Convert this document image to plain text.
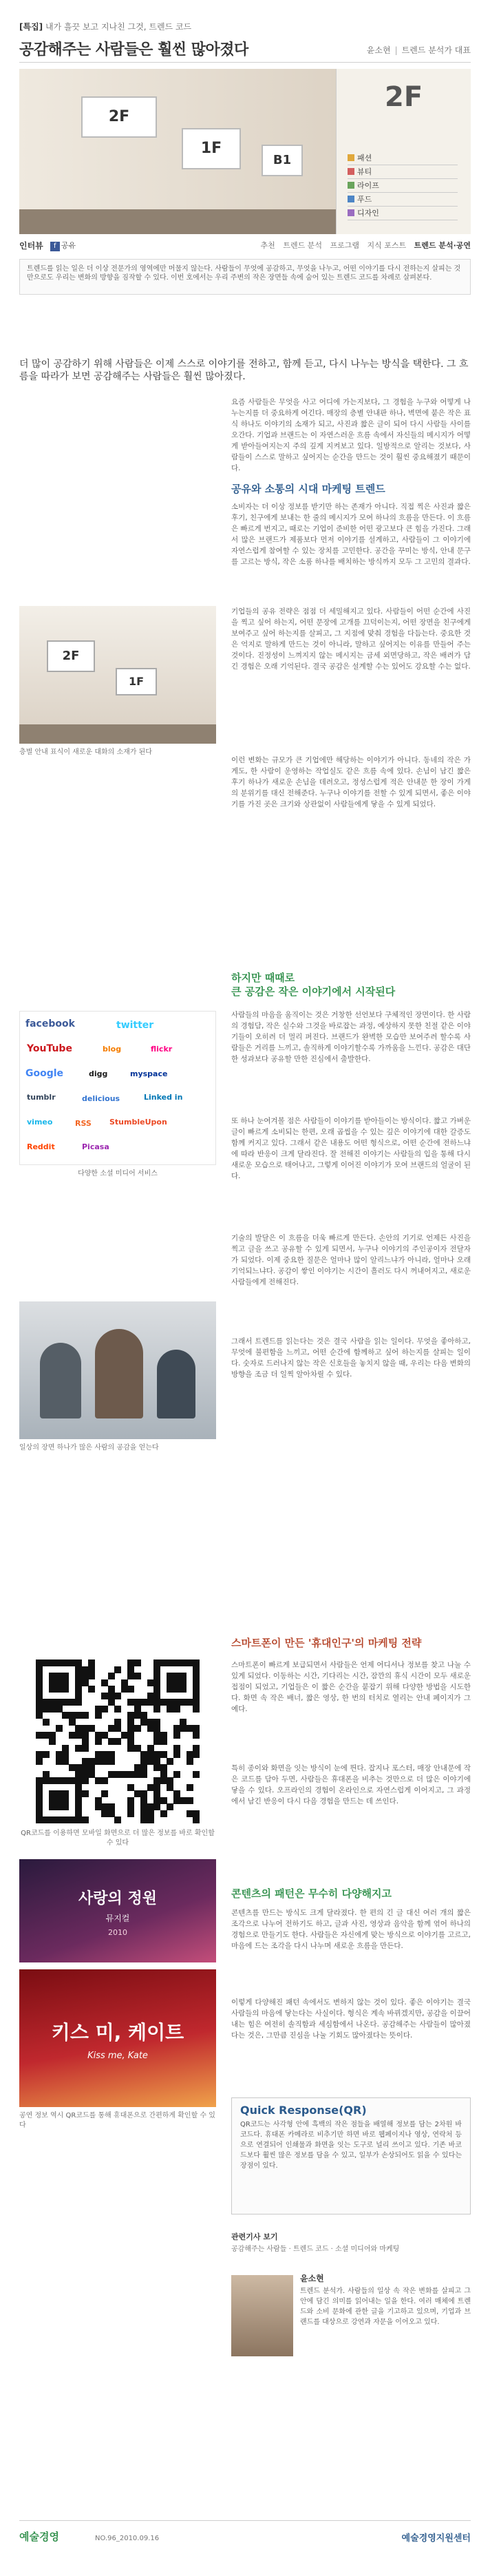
[특집] 내가 흘끗 보고 지나친 그것, 트렌드 코드
공감해주는 사람들은 훨씬 많아졌다	윤소현 | 트렌드 분석가 대표
2F
1F
B1
2F
패션
뷰티
라이프
푸드
디자인
인터뷰	f 공유	추천 트렌드 분석 프로그램 지식 포스트 트렌드 분석·공연
트렌드를 읽는 일은 더 이상 전문가의 영역에만 머물지 않는다. 사람들이 무엇에 공감하고, 무엇을 나누고, 어떤 이야기를 다시 전하는지 살피는 것만으로도 우리는 변화의 방향을 짐작할 수 있다. 이번 호에서는 우리 주변의 작은 장면들 속에 숨어 있는 트렌드 코드를 차례로 살펴본다.
더 많이 공감하기 위해 사람들은 이제 스스로 이야기를 전하고, 함께 듣고, 다시 나누는 방식을 택한다. 그 흐름을 따라가 보면 공감해주는 사람들은 훨씬 많아졌다.
요즘 사람들은 무엇을 사고 어디에 가는지보다, 그 경험을 누구와 어떻게 나누는지를 더 중요하게 여긴다. 매장의 층별 안내판 하나, 벽면에 붙은 작은 표식 하나도 이야기의 소재가 되고, 사진과 짧은 글이 되어 다시 사람들 사이를 오간다. 기업과 브랜드는 이 자연스러운 흐름 속에서 자신들의 메시지가 어떻게 받아들여지는지 주의 깊게 지켜보고 있다. 일방적으로 알리는 것보다, 사람들이 스스로 말하고 싶어지는 순간을 만드는 것이 훨씬 중요해졌기 때문이다.
공유와 소통의 시대 마케팅 트렌드
소비자는 더 이상 정보를 받기만 하는 존재가 아니다. 직접 찍은 사진과 짧은 후기, 친구에게 보내는 한 줄의 메시지가 모여 하나의 흐름을 만든다. 이 흐름은 빠르게 번지고, 때로는 기업이 준비한 어떤 광고보다 큰 힘을 가진다. 그래서 많은 브랜드가 제품보다 먼저 이야기를 설계하고, 사람들이 그 이야기에 자연스럽게 참여할 수 있는 장치를 고민한다. 공간을 꾸미는 방식, 안내 문구를 고르는 방식, 작은 소품 하나를 배치하는 방식까지 모두 그 고민의 결과다.
2F
1F
층별 안내 표식이 새로운 대화의 소재가 된다
기업들의 공유 전략은 점점 더 세밀해지고 있다. 사람들이 어떤 순간에 사진을 찍고 싶어 하는지, 어떤 문장에 고개를 끄덕이는지, 어떤 장면을 친구에게 보여주고 싶어 하는지를 살피고, 그 지점에 맞춰 경험을 다듬는다. 중요한 것은 억지로 말하게 만드는 것이 아니라, 말하고 싶어지는 이유를 만들어 주는 것이다. 진정성이 느껴지지 않는 메시지는 금세 외면당하고, 작은 배려가 담긴 경험은 오래 기억된다. 결국 공감은 설계할 수는 있어도 강요할 수는 없다.
이런 변화는 규모가 큰 기업에만 해당하는 이야기가 아니다. 동네의 작은 가게도, 한 사람이 운영하는 작업실도 같은 흐름 속에 있다. 손님이 남긴 짧은 후기 하나가 새로운 손님을 데려오고, 정성스럽게 적은 안내문 한 장이 가게의 분위기를 대신 전해준다. 누구나 이야기를 전할 수 있게 되면서, 좋은 이야기를 가진 곳은 크기와 상관없이 사람들에게 닿을 수 있게 되었다.
하지만 때때로
큰 공감은 작은 이야기에서 시작된다
facebook	twitter
YouTube	blog	flickr
Google	digg	myspace
tumblr	delicious	Linked in
vimeo	RSS StumbleUpon
Reddit	Picasa
다양한 소셜 미디어 서비스
사람들의 마음을 움직이는 것은 거창한 선언보다 구체적인 장면이다. 한 사람의 경험담, 작은 실수와 그것을 바로잡는 과정, 예상하지 못한 친절 같은 이야기들이 오히려 더 멀리 퍼진다. 브랜드가 완벽한 모습만 보여주려 할수록 사람들은 거리를 느끼고, 솔직하게 이야기할수록 가까움을 느낀다. 공감은 대단한 성과보다 공유할 만한 진심에서 출발한다.
또 하나 눈여겨볼 점은 사람들이 이야기를 받아들이는 방식이다. 짧고 가벼운 글이 빠르게 소비되는 한편, 오래 곱씹을 수 있는 깊은 이야기에 대한 갈증도 함께 커지고 있다. 그래서 같은 내용도 어떤 형식으로, 어떤 순간에 전하느냐에 따라 반응이 크게 달라진다. 잘 전해진 이야기는 사람들의 입을 통해 다시 새로운 모습으로 태어나고, 그렇게 이어진 이야기가 모여 브랜드의 얼굴이 된다.
일상의 장면 하나가 많은 사람의 공감을 얻는다
기술의 발달은 이 흐름을 더욱 빠르게 만든다. 손안의 기기로 언제든 사진을 찍고 글을 쓰고 공유할 수 있게 되면서, 누구나 이야기의 주인공이자 전달자가 되었다. 이제 중요한 질문은 얼마나 많이 알리느냐가 아니라, 얼마나 오래 기억되느냐다. 공감이 쌓인 이야기는 시간이 흘러도 다시 꺼내어지고, 새로운 사람들에게 전해진다.
그래서 트렌드를 읽는다는 것은 결국 사람을 읽는 일이다. 무엇을 좋아하고, 무엇에 불편함을 느끼고, 어떤 순간에 함께하고 싶어 하는지를 살피는 일이다. 숫자로 드러나지 않는 작은 신호들을 놓치지 않을 때, 우리는 다음 변화의 방향을 조금 더 일찍 알아차릴 수 있다.
스마트폰이 만든 '휴대인구'의 마케팅 전략
QR코드를 이용하면 모바일 화면으로 더 많은 정보를 바로 확인할 수 있다
스마트폰이 빠르게 보급되면서 사람들은 언제 어디서나 정보를 찾고 나눌 수 있게 되었다. 이동하는 시간, 기다리는 시간, 잠깐의 휴식 시간이 모두 새로운 접점이 되었고, 기업들은 이 짧은 순간을 붙잡기 위해 다양한 방법을 시도한다. 화면 속 작은 배너, 짧은 영상, 한 번의 터치로 열리는 안내 페이지가 그 예다.
특히 종이와 화면을 잇는 방식이 눈에 띈다. 잡지나 포스터, 매장 안내문에 작은 코드를 담아 두면, 사람들은 휴대폰을 비추는 것만으로 더 많은 이야기에 닿을 수 있다. 오프라인의 경험이 온라인으로 자연스럽게 이어지고, 그 과정에서 남긴 반응이 다시 다음 경험을 만드는 데 쓰인다.
사랑의 정원
뮤지컬
2010
키스 미, 케이트
Kiss me, Kate
공연 정보 역시 QR코드를 통해 휴대폰으로 간편하게 확인할 수 있다
콘텐츠의 패턴은 무수히 다양해지고
콘텐츠를 만드는 방식도 크게 달라졌다. 한 편의 긴 글 대신 여러 개의 짧은 조각으로 나누어 전하기도 하고, 글과 사진, 영상과 음악을 함께 엮어 하나의 경험으로 만들기도 한다. 사람들은 자신에게 맞는 방식으로 이야기를 고르고, 마음에 드는 조각을 다시 나누며 새로운 흐름을 만든다.
이렇게 다양해진 패턴 속에서도 변하지 않는 것이 있다. 좋은 이야기는 결국 사람들의 마음에 닿는다는 사실이다. 형식은 계속 바뀌겠지만, 공감을 이끌어내는 힘은 여전히 솔직함과 세심함에서 나온다. 공감해주는 사람들이 많아졌다는 것은, 그만큼 진심을 나눌 기회도 많아졌다는 뜻이다.
Quick Response(QR)
QR코드는 사각형 안에 흑백의 작은 점들을 배열해 정보를 담는 2차원 바코드다. 휴대폰 카메라로 비추기만 하면 바로 웹페이지나 영상, 연락처 등으로 연결되어 인쇄물과 화면을 잇는 도구로 널리 쓰이고 있다. 기존 바코드보다 훨씬 많은 정보를 담을 수 있고, 일부가 손상되어도 읽을 수 있다는 장점이 있다.
관련기사 보기
공감해주는 사람들 · 트렌드 코드 · 소셜 미디어와 마케팅
윤소현
트렌드 분석가. 사람들의 일상 속 작은 변화를 살피고 그 안에 담긴 의미를 읽어내는 일을 한다. 여러 매체에 트렌드와 소비 문화에 관한 글을 기고하고 있으며, 기업과 브랜드를 대상으로 강연과 자문을 이어오고 있다.
예술경영	NO.96_2010.09.16	예술경영지원센터
